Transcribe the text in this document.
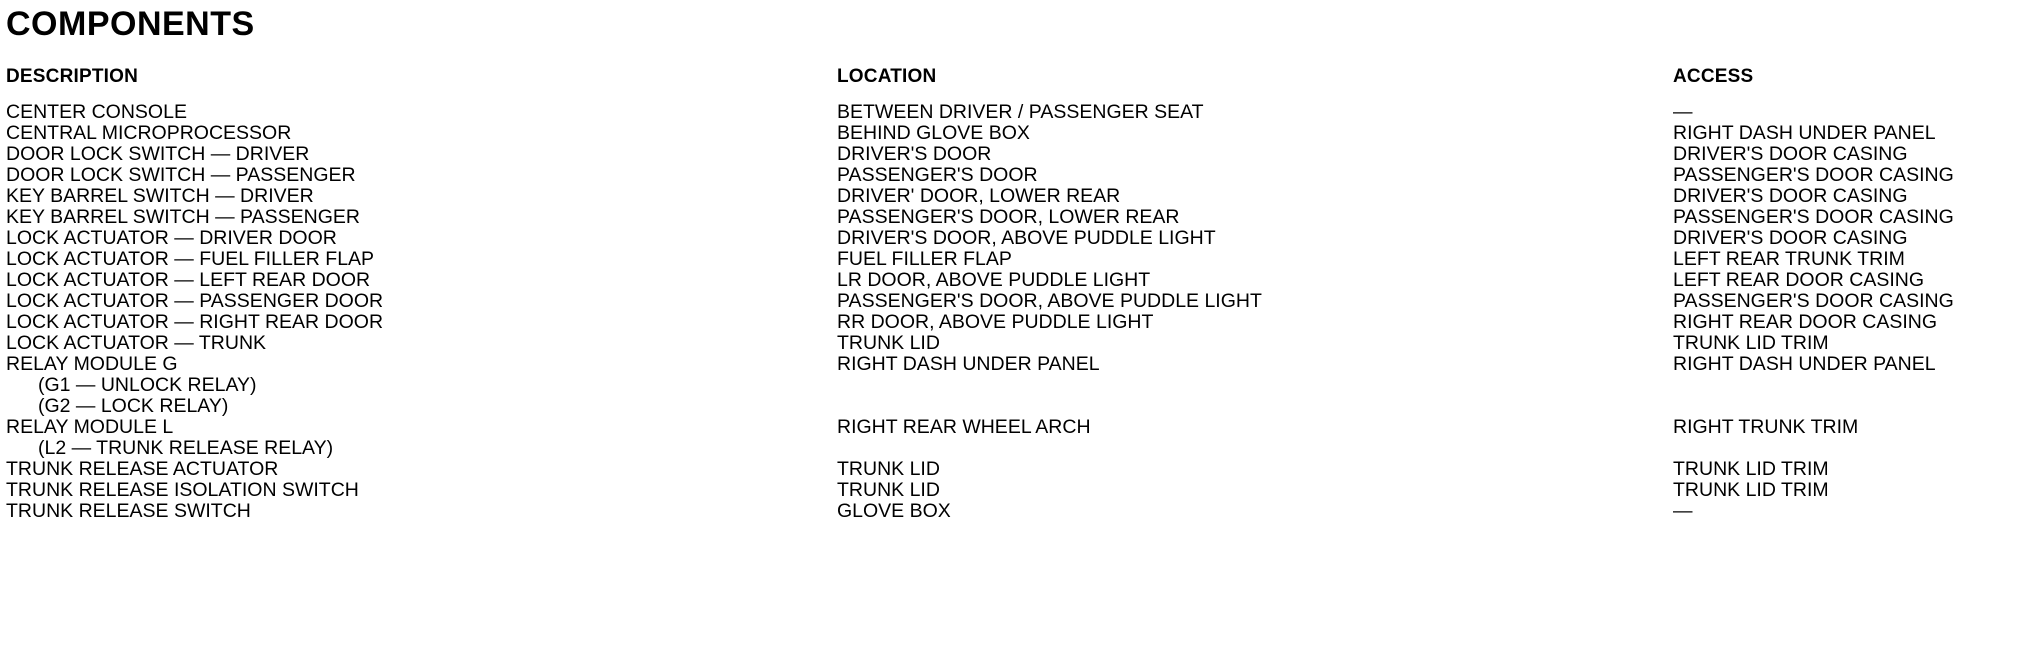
COMPONENTS
DESCRIPTION
CENTER CONSOLE
CENTRAL MICROPROCESSOR
DOOR LOCK SWITCH — DRIVER
DOOR LOCK SWITCH — PASSENGER
KEY BARREL SWITCH — DRIVER
KEY BARREL SWITCH — PASSENGER
LOCK ACTUATOR — DRIVER DOOR
LOCK ACTUATOR — FUEL FILLER FLAP
LOCK ACTUATOR — LEFT REAR DOOR
LOCK ACTUATOR — PASSENGER DOOR
LOCK ACTUATOR — RIGHT REAR DOOR
LOCK ACTUATOR — TRUNK
RELAY MODULE G
(G1 — UNLOCK RELAY)
(G2 — LOCK RELAY)
RELAY MODULE L
(L2 — TRUNK RELEASE RELAY)
TRUNK RELEASE ACTUATOR
TRUNK RELEASE ISOLATION SWITCH
TRUNK RELEASE SWITCH
LOCATION
BETWEEN DRIVER / PASSENGER SEAT
BEHIND GLOVE BOX
DRIVER'S DOOR
PASSENGER'S DOOR
DRIVER' DOOR, LOWER REAR
PASSENGER'S DOOR, LOWER REAR
DRIVER'S DOOR, ABOVE PUDDLE LIGHT
FUEL FILLER FLAP
LR DOOR, ABOVE PUDDLE LIGHT
PASSENGER'S DOOR, ABOVE PUDDLE LIGHT
RR DOOR, ABOVE PUDDLE LIGHT
TRUNK LID
RIGHT DASH UNDER PANEL
RIGHT REAR WHEEL ARCH
TRUNK LID
TRUNK LID
GLOVE BOX
ACCESS
—
RIGHT DASH UNDER PANEL
DRIVER'S DOOR CASING
PASSENGER'S DOOR CASING
DRIVER'S DOOR CASING
PASSENGER'S DOOR CASING
DRIVER'S DOOR CASING
LEFT REAR TRUNK TRIM
LEFT REAR DOOR CASING
PASSENGER'S DOOR CASING
RIGHT REAR DOOR CASING
TRUNK LID TRIM
RIGHT DASH UNDER PANEL
RIGHT TRUNK TRIM
TRUNK LID TRIM
TRUNK LID TRIM
—
